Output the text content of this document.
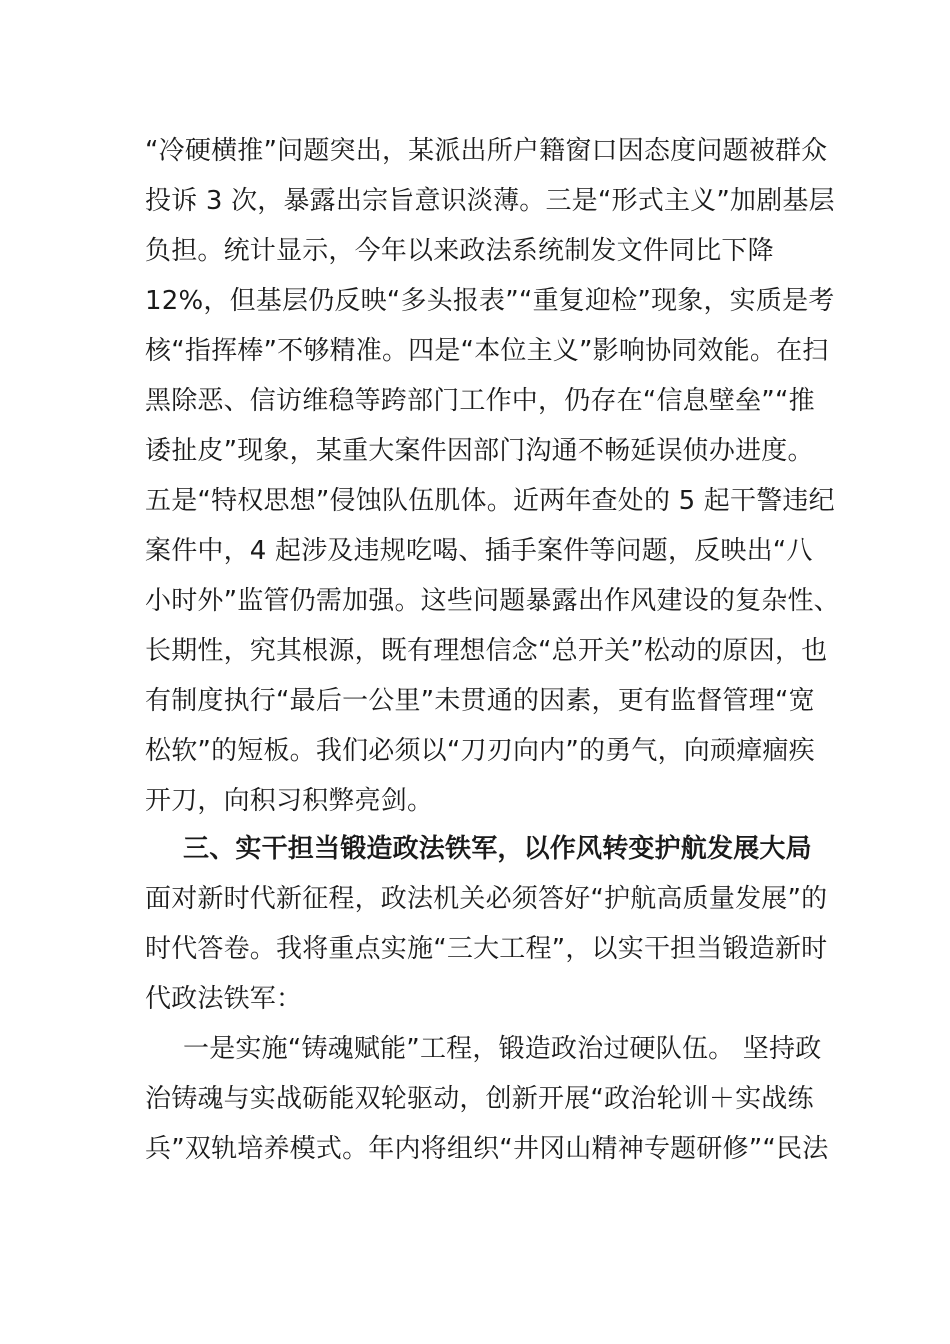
“冷硬横推”问题突出，某派出所户籍窗口因态度问题被群众
投诉 3 次，暴露出宗旨意识淡薄。三是“形式主义”加剧基层
负担。统计显示，今年以来政法系统制发文件同比下降
12%，但基层仍反映“多头报表”“重复迎检”现象，实质是考
核“指挥棒”不够精准。四是“本位主义”影响协同效能。在扫
黑除恶、信访维稳等跨部门工作中，仍存在“信息壁垒”“推
诿扯皮”现象，某重大案件因部门沟通不畅延误侦办进度。
五是“特权思想”侵蚀队伍肌体。近两年查处的 5 起干警违纪
案件中，4 起涉及违规吃喝、插手案件等问题，反映出“八
小时外”监管仍需加强。这些问题暴露出作风建设的复杂性、
长期性，究其根源，既有理想信念“总开关”松动的原因，也
有制度执行“最后一公里”未贯通的因素，更有监督管理“宽
松软”的短板。我们必须以“刀刃向内”的勇气，向顽瘴痼疾
开刀，向积习积弊亮剑。
三、实干担当锻造政法铁军，以作风转变护航发展大局
面对新时代新征程，政法机关必须答好“护航高质量发展”的
时代答卷。我将重点实施“三大工程”，以实干担当锻造新时
代政法铁军：
一是实施“铸魂赋能”工程，锻造政治过硬队伍。 坚持政
治铸魂与实战砺能双轮驱动，创新开展“政治轮训＋实战练
兵”双轨培养模式。年内将组织“井冈山精神专题研修”“民法
